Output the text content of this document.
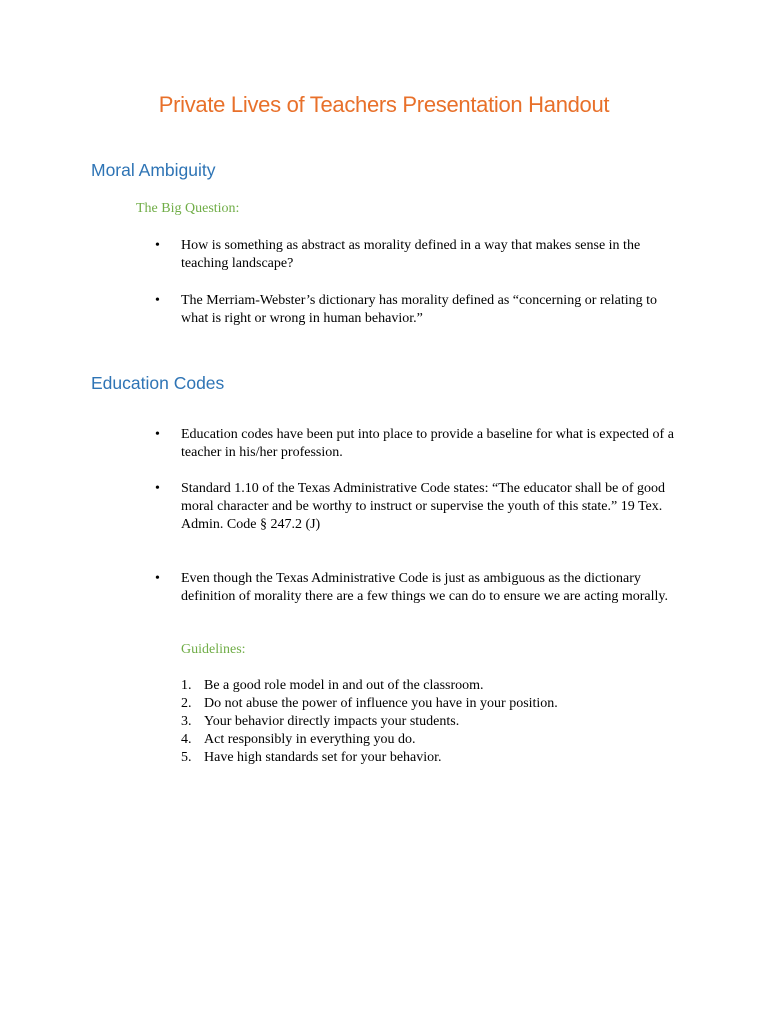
Private Lives of Teachers Presentation Handout
Moral Ambiguity
The Big Question:
•	How is something as abstract as morality defined in a way that makes sense in the teaching landscape?
•	The Merriam-Webster’s dictionary has morality defined as “concerning or relating to what is right or wrong in human behavior.”
Education Codes
•	Education codes have been put into place to provide a baseline for what is expected of a teacher in his/her profession.
•	Standard 1.10 of the Texas Administrative Code states: “The educator shall be of good moral character and be worthy to instruct or supervise the youth of this state.” 19 Tex. Admin. Code § 247.2 (J)
•	Even though the Texas Administrative Code is just as ambiguous as the dictionary definition of morality there are a few things we can do to ensure we are acting morally.
Guidelines:
1. Be a good role model in and out of the classroom.
2. Do not abuse the power of influence you have in your position.
3. Your behavior directly impacts your students.
4. Act responsibly in everything you do.
5. Have high standards set for your behavior.
